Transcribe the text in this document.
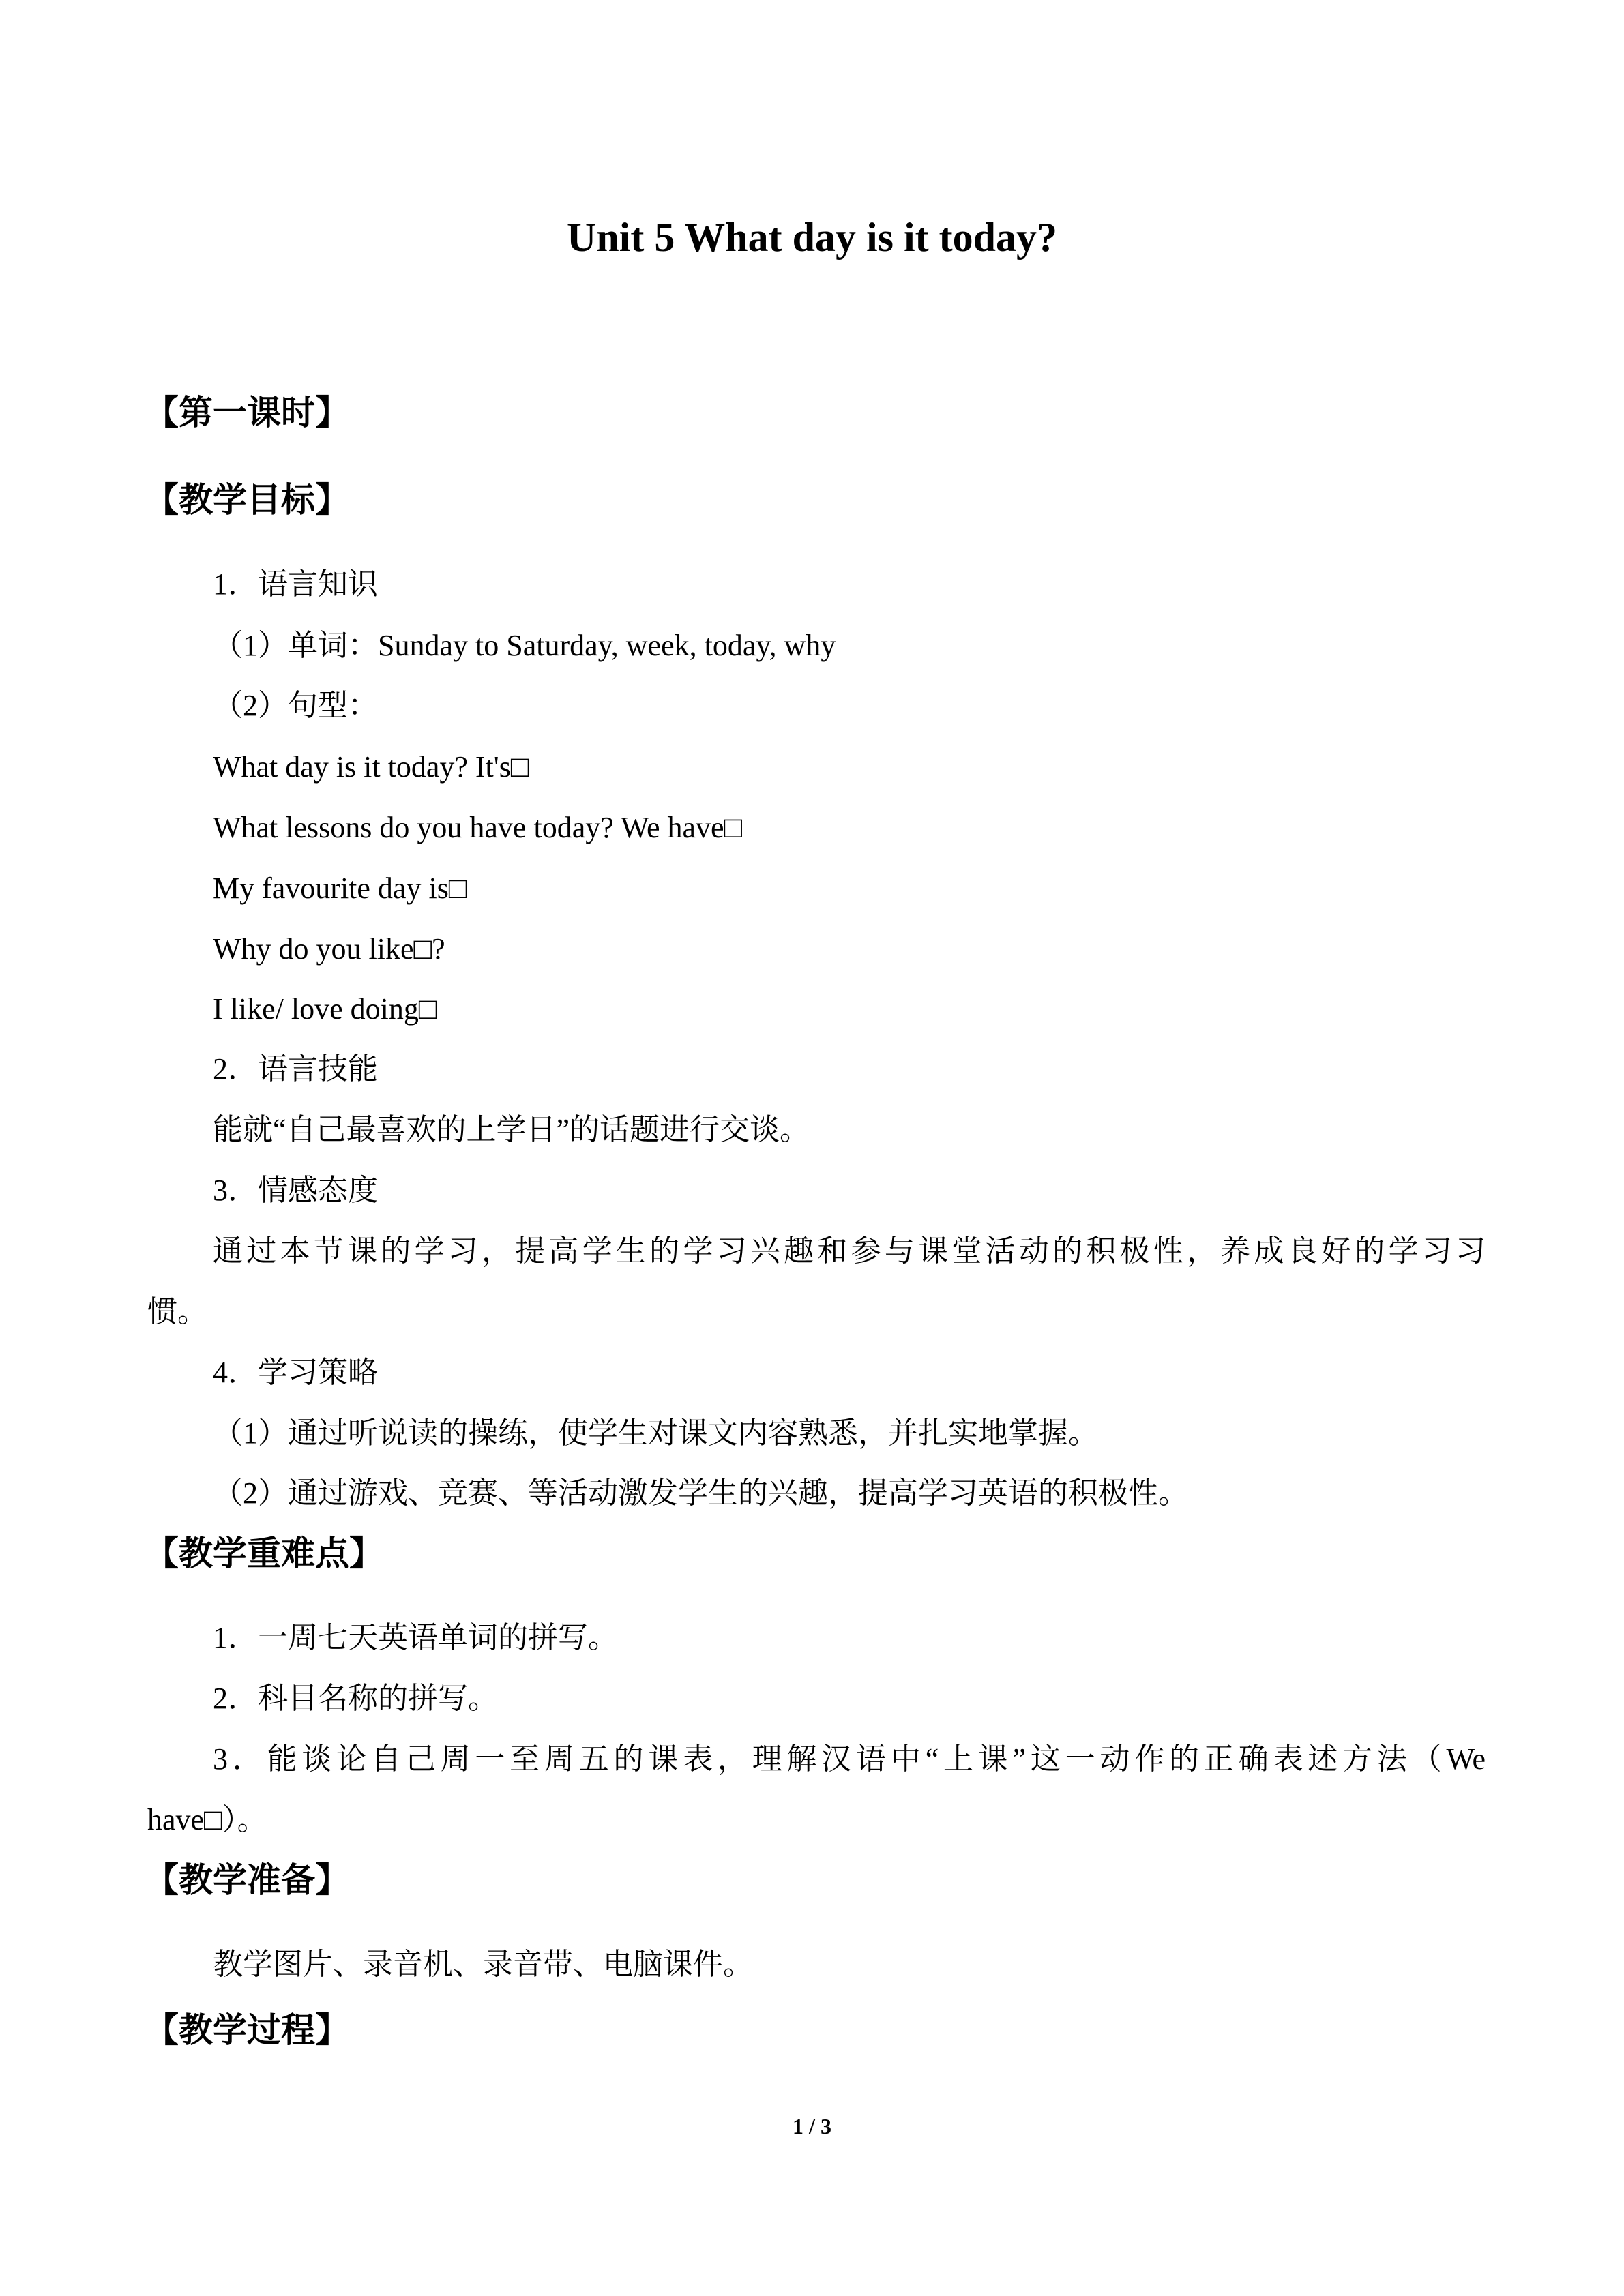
Unit 5 What day is it today?
【第一课时】
【教学目标】
1．语言知识
（1）单词：Sunday to Saturday, week, today, why
（2）句型：
What day is it today? It's□
What lessons do you have today? We have□
My favourite day is□
Why do you like□?
I like/ love doing□
2．语言技能
能就“自己最喜欢的上学日”的话题进行交谈。
3．情感态度
通过本节课的学习，提高学生的学习兴趣和参与课堂活动的积极性，养成良好的学习习
惯。
4．学习策略
（1）通过听说读的操练，使学生对课文内容熟悉，并扎实地掌握。
（2）通过游戏、竞赛、等活动激发学生的兴趣，提高学习英语的积极性。
【教学重难点】
1．一周七天英语单词的拼写。
2．科目名称的拼写。
3．能谈论自己周一至周五的课表，理解汉语中“上课”这一动作的正确表述方法（We
have□）。
【教学准备】
教学图片、录音机、录音带、电脑课件。
【教学过程】
1 / 3
